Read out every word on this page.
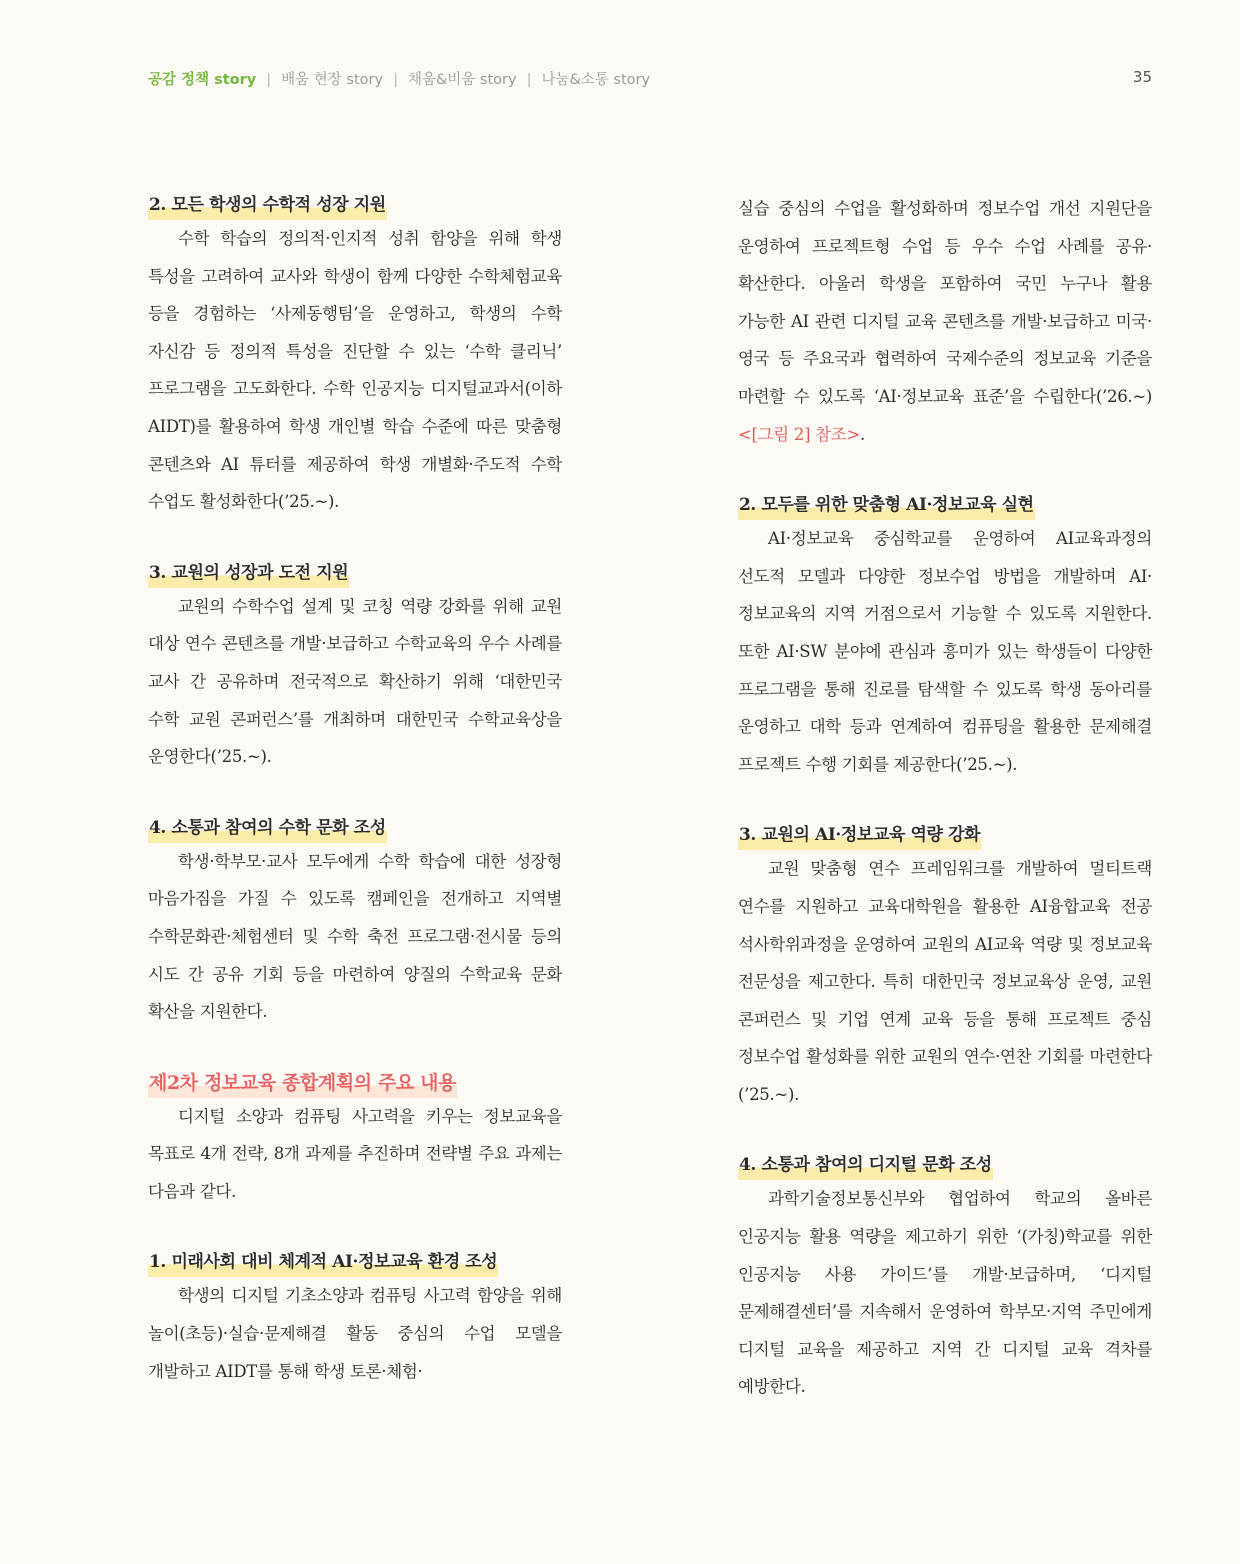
공감 정책 story | 배움 현장 story | 채움&비움 story | 나눔&소통 story	35
2. 모든 학생의 수학적 성장 지원

수학 학습의 정의적·인지적 성취 함양을 위해 학생 특성을 고려하여 교사와 학생이 함께 다양한 수학체험교육 등을 경험하는 ‘사제동행팀’을 운영하고, 학생의 수학 자신감 등 정의적 특성을 진단할 수 있는 ‘수학 클리닉’ 프로그램을 고도화한다. 수학 인공지능 디지털교과서(이하 AIDT)를 활용하여 학생 개인별 학습 수준에 따른 맞춤형 콘텐츠와 AI 튜터를 제공하여 학생 개별화·주도적 수학 수업도 활성화한다(’25.~).

3. 교원의 성장과 도전 지원

교원의 수학수업 설계 및 코칭 역량 강화를 위해 교원 대상 연수 콘텐츠를 개발·보급하고 수학교육의 우수 사례를 교사 간 공유하며 전국적으로 확산하기 위해 ‘대한민국 수학 교원 콘퍼런스’를 개최하며 대한민국 수학교육상을 운영한다(’25.~).

4. 소통과 참여의 수학 문화 조성

학생·학부모·교사 모두에게 수학 학습에 대한 성장형 마음가짐을 가질 수 있도록 캠페인을 전개하고 지역별 수학문화관·체험센터 및 수학 축전 프로그램·전시물 등의 시도 간 공유 기회 등을 마련하여 양질의 수학교육 문화 확산을 지원한다.

제2차 정보교육 종합계획의 주요 내용

디지털 소양과 컴퓨팅 사고력을 키우는 정보교육을 목표로 4개 전략, 8개 과제를 추진하며 전략별 주요 과제는 다음과 같다.

1. 미래사회 대비 체계적 AI·정보교육 환경 조성

학생의 디지털 기초소양과 컴퓨팅 사고력 함양을 위해 놀이(초등)·실습·문제해결 활동 중심의 수업 모델을 개발하고 AIDT를 통해 학생 토론·체험·

실습 중심의 수업을 활성화하며 정보수업 개선 지원단을 운영하여 프로젝트형 수업 등 우수 수업 사례를 공유·확산한다. 아울러 학생을 포함하여 국민 누구나 활용 가능한 AI 관련 디지털 교육 콘텐츠를 개발·보급하고 미국·영국 등 주요국과 협력하여 국제수준의 정보교육 기준을 마련할 수 있도록 ‘AI·정보교육 표준’을 수립한다(’26.~) <[그림 2] 참조>.

2. 모두를 위한 맞춤형 AI·정보교육 실현

AI·정보교육 중심학교를 운영하여 AI교육과정의 선도적 모델과 다양한 정보수업 방법을 개발하며 AI·정보교육의 지역 거점으로서 기능할 수 있도록 지원한다. 또한 AI·SW 분야에 관심과 흥미가 있는 학생들이 다양한 프로그램을 통해 진로를 탐색할 수 있도록 학생 동아리를 운영하고 대학 등과 연계하여 컴퓨팅을 활용한 문제해결 프로젝트 수행 기회를 제공한다(’25.~).

3. 교원의 AI·정보교육 역량 강화

교원 맞춤형 연수 프레임워크를 개발하여 멀티트랙 연수를 지원하고 교육대학원을 활용한 AI융합교육 전공 석사학위과정을 운영하여 교원의 AI교육 역량 및 정보교육 전문성을 제고한다. 특히 대한민국 정보교육상 운영, 교원 콘퍼런스 및 기업 연계 교육 등을 통해 프로젝트 중심 정보수업 활성화를 위한 교원의 연수·연찬 기회를 마련한다(’25.~).

4. 소통과 참여의 디지털 문화 조성

과학기술정보통신부와 협업하여 학교의 올바른 인공지능 활용 역량을 제고하기 위한 ‘(가칭)학교를 위한 인공지능 사용 가이드’를 개발·보급하며, ‘디지털 문제해결센터’를 지속해서 운영하여 학부모·지역 주민에게 디지털 교육을 제공하고 지역 간 디지털 교육 격차를 예방한다.
